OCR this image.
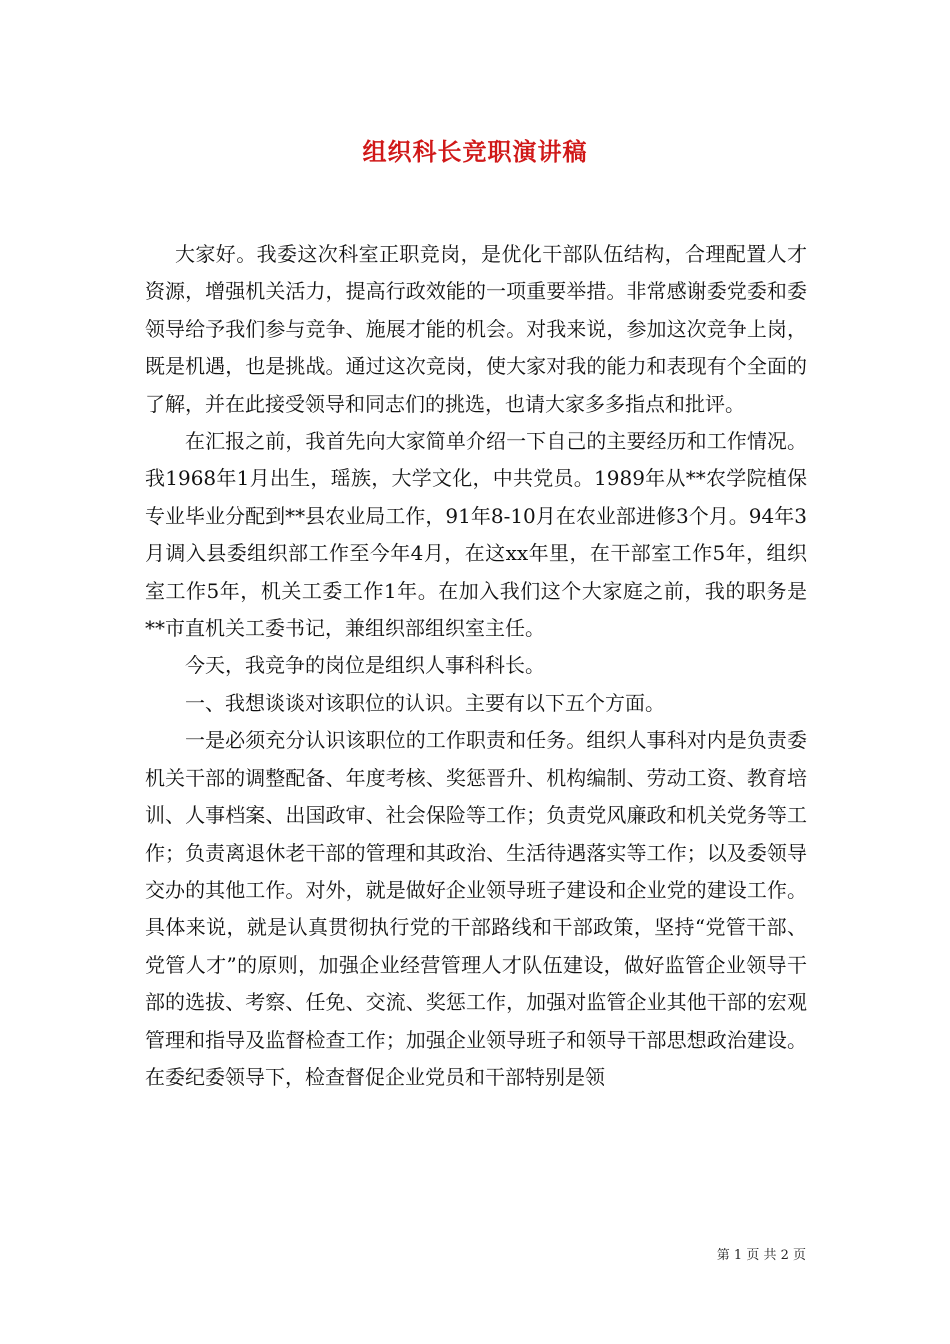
组织科长竞职演讲稿

大家好。我委这次科室正职竞岗，是优化干部队伍结构，合理配置人才资源，增强机关活力，提高行政效能的一项重要举措。非常感谢委党委和委领导给予我们参与竞争、施展才能的机会。对我来说，参加这次竞争上岗，既是机遇，也是挑战。通过这次竞岗，使大家对我的能力和表现有个全面的了解，并在此接受领导和同志们的挑选，也请大家多多指点和批评。

在汇报之前，我首先向大家简单介绍一下自己的主要经历和工作情况。我1968年1月出生，瑶族，大学文化，中共党员。1989年从**农学院植保专业毕业分配到**县农业局工作，91年8-10月在农业部进修3个月。94年3月调入县委组织部工作至今年4月，在这xx年里，在干部室工作5年，组织室工作5年，机关工委工作1年。在加入我们这个大家庭之前，我的职务是**市直机关工委书记，兼组织部组织室主任。

今天，我竞争的岗位是组织人事科科长。

一、我想谈谈对该职位的认识。主要有以下五个方面。

一是必须充分认识该职位的工作职责和任务。组织人事科对内是负责委机关干部的调整配备、年度考核、奖惩晋升、机构编制、劳动工资、教育培训、人事档案、出国政审、社会保险等工作；负责党风廉政和机关党务等工作；负责离退休老干部的管理和其政治、生活待遇落实等工作；以及委领导交办的其他工作。对外，就是做好企业领导班子建设和企业党的建设工作。具体来说，就是认真贯彻执行党的干部路线和干部政策，坚持“党管干部、党管人才”的原则，加强企业经营管理人才队伍建设，做好监管企业领导干部的选拔、考察、任免、交流、奖惩工作，加强对监管企业其他干部的宏观管理和指导及监督检查工作；加强企业领导班子和领导干部思想政治建设。在委纪委领导下，检查督促企业党员和干部特别是领

第 1 页 共 2 页
